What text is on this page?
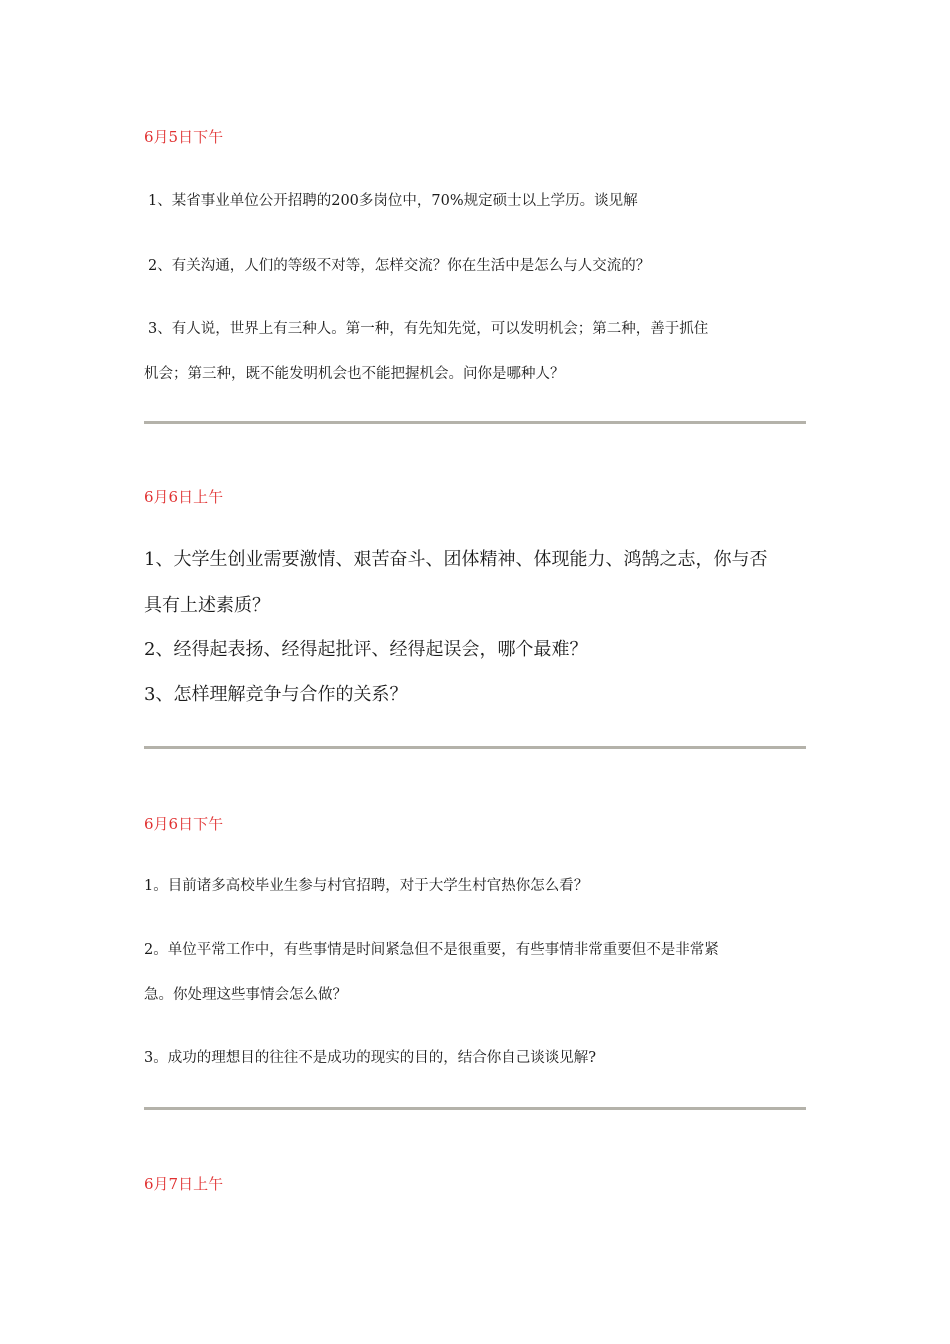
6月5日下午
1、某省事业单位公开招聘的200多岗位中，70%规定硕士以上学历。谈见解
2、有关沟通，人们的等级不对等，怎样交流？你在生活中是怎么与人交流的？
3、有人说，世界上有三种人。第一种，有先知先觉，可以发明机会；第二种，善于抓住
机会；第三种，既不能发明机会也不能把握机会。问你是哪种人？
6月6日上午
1、大学生创业需要激情、艰苦奋斗、团体精神、体现能力、鸿鹄之志，你与否
具有上述素质？
2、经得起表扬、经得起批评、经得起误会，哪个最难？
3、怎样理解竞争与合作的关系？
6月6日下午
1。目前诸多高校毕业生参与村官招聘，对于大学生村官热你怎么看？
2。单位平常工作中，有些事情是时间紧急但不是很重要，有些事情非常重要但不是非常紧
急。你处理这些事情会怎么做？
3。成功的理想目的往往不是成功的现实的目的，结合你自己谈谈见解?
6月7日上午
